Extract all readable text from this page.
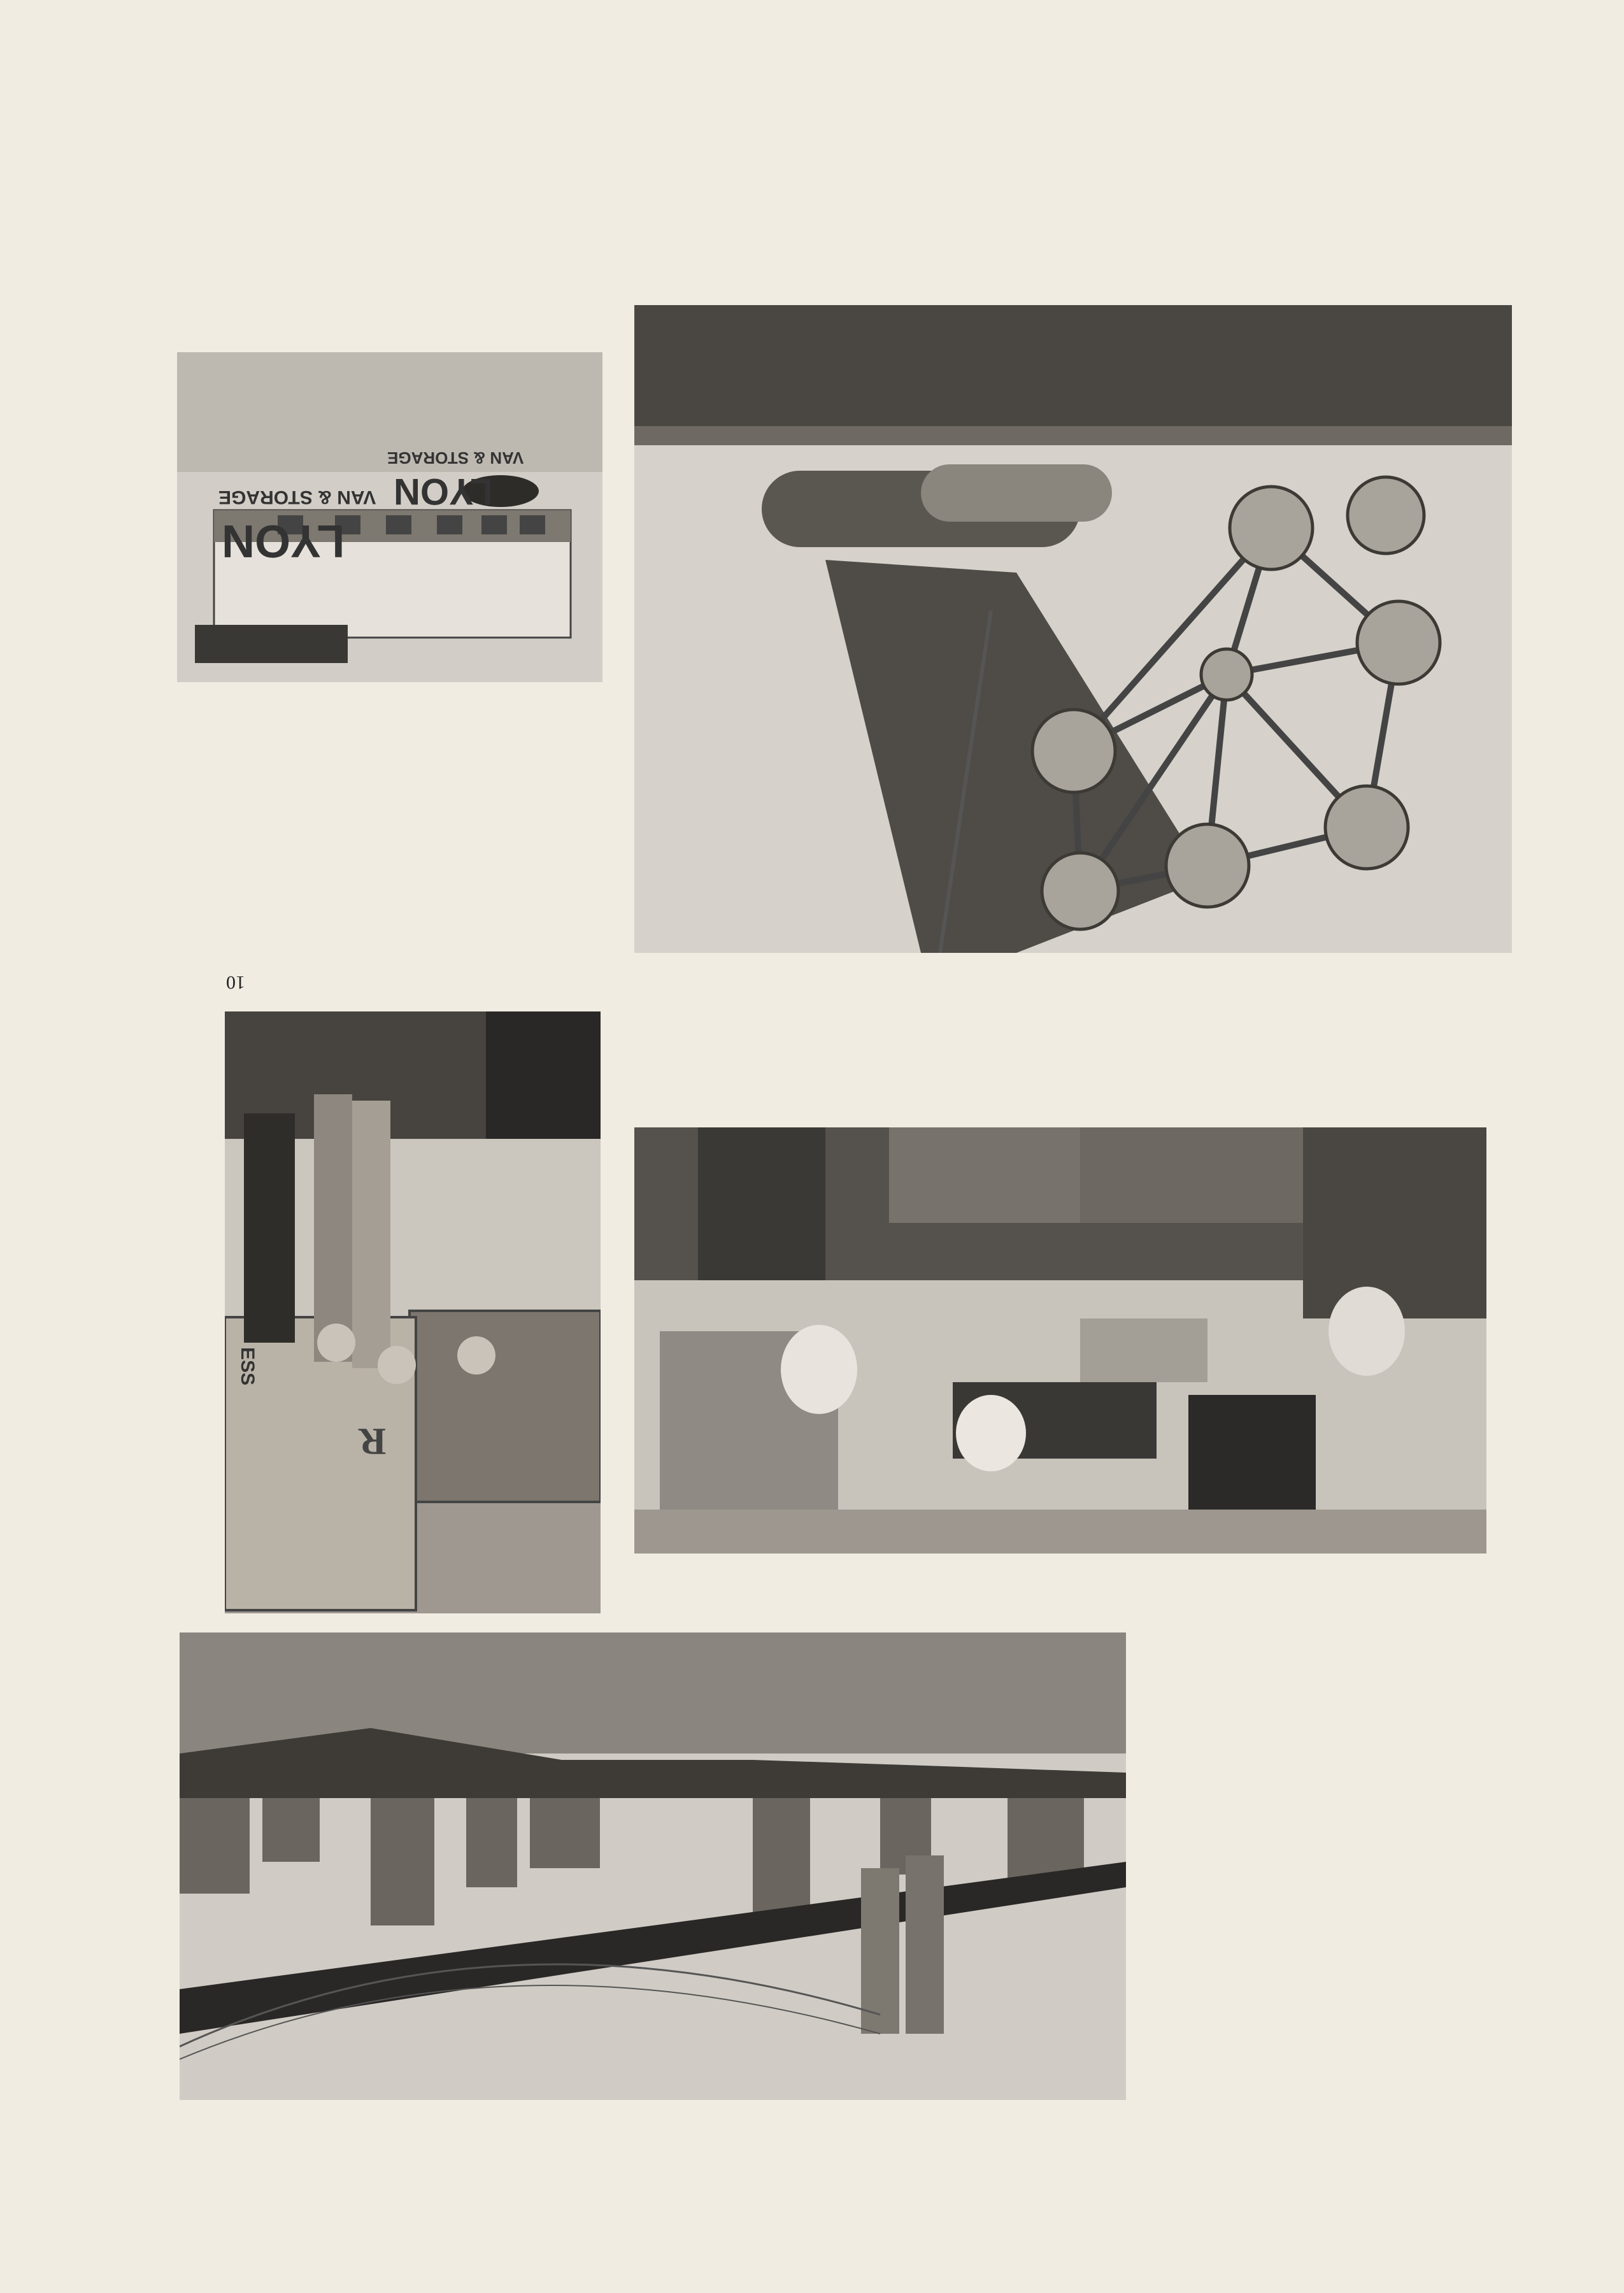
10
LYON
LYON
VAN & STORAGE
VAN & STORAGE
ESS
R
